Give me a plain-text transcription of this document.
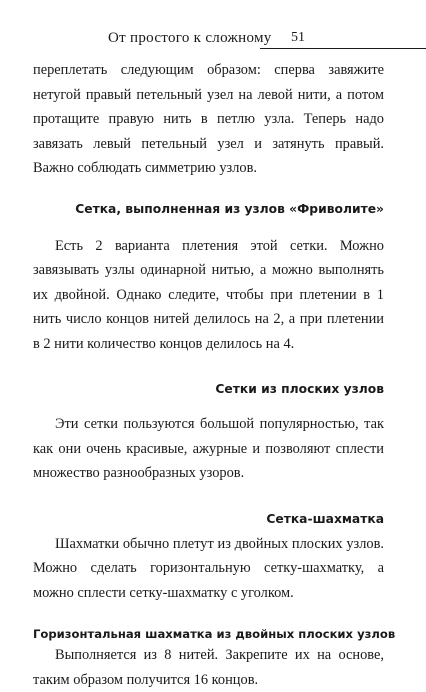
От простого к сложному 51

переплетать следующим образом: сперва завяжите нетугой правый петельный узел на левой нити, а потом протащите правую нить в петлю узла. Теперь надо завязать левый петельный узел и затянуть правый. Важно соблюдать симметрию узлов.

Сетка, выполненная из узлов «Фриволите»

Есть 2 варианта плетения этой сетки. Можно завязывать узлы одинарной нитью, а можно выполнять их двойной. Однако следите, чтобы при плетении в 1 нить число концов нитей делилось на 2, а при плетении в 2 нити количество концов делилось на 4.

Сетки из плоских узлов

Эти сетки пользуются большой популярностью, так как они очень красивые, ажурные и позволяют сплести множество разнообразных узоров.

Сетка-шахматка

Шахматки обычно плетут из двойных плоских узлов. Можно сделать горизонтальную сетку-шахматку, а можно сплести сетку-шахматку с уголком.

Горизонтальная шахматка из двойных плоских узлов

Выполняется из 8 нитей. Закрепите их на основе, таким образом получится 16 концов.
